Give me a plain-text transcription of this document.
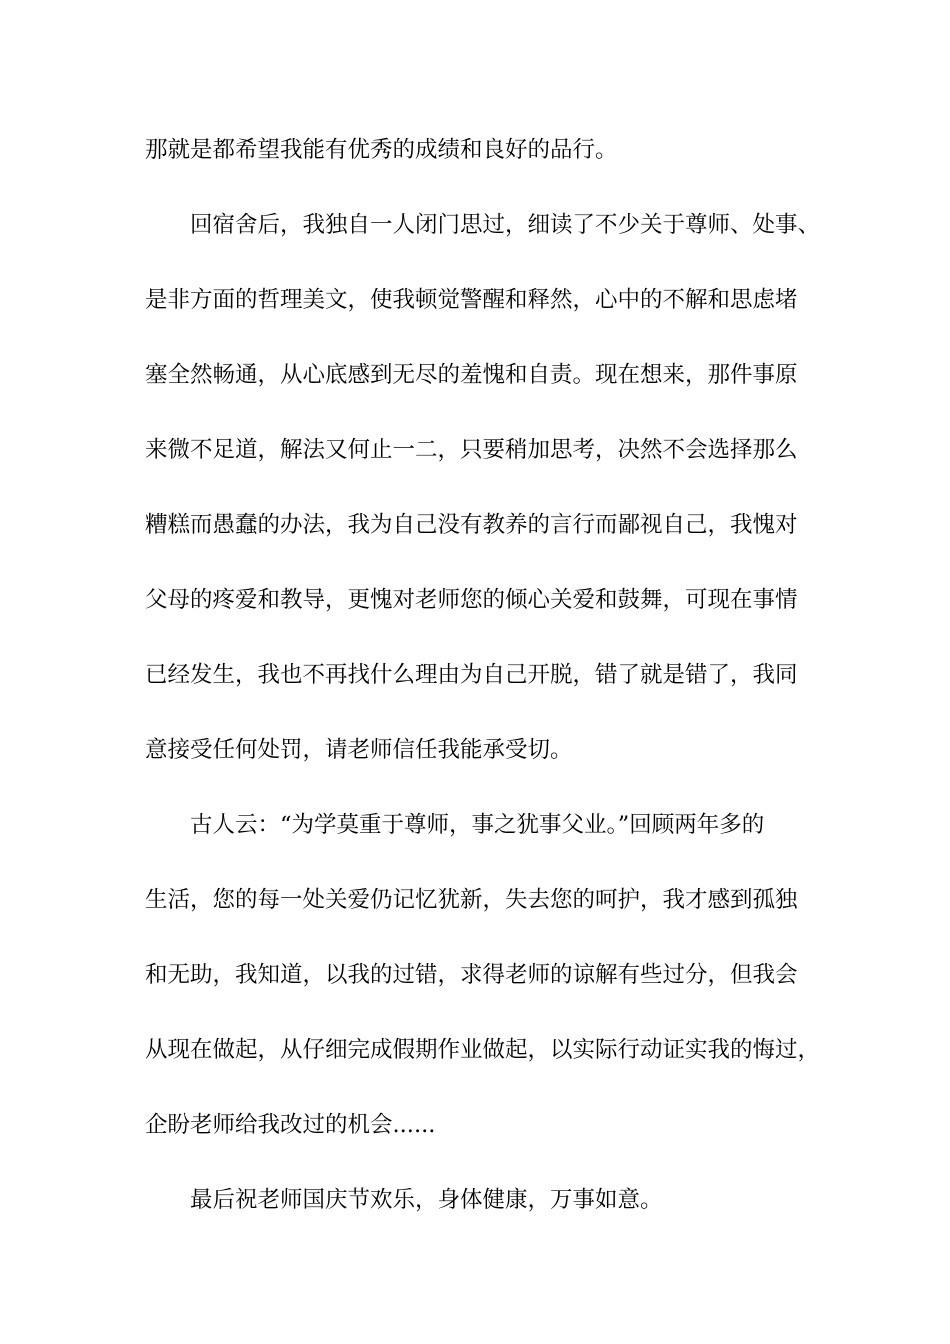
那就是都希望我能有优秀的成绩和良好的品行。
回宿舍后，我独自一人闭门思过，细读了不少关于尊师、处事、
是非方面的哲理美文，使我顿觉警醒和释然，心中的不解和思虑堵
塞全然畅通，从心底感到无尽的羞愧和自责。现在想来，那件事原
来微不足道，解法又何止一二，只要稍加思考，决然不会选择那么
糟糕而愚蠢的办法，我为自己没有教养的言行而鄙视自己，我愧对
父母的疼爱和教导，更愧对老师您的倾心关爱和鼓舞，可现在事情
已经发生，我也不再找什么理由为自己开脱，错了就是错了，我同
意接受任何处罚，请老师信任我能承受切。
古人云：“为学莫重于尊师，事之犹事父业。”回顾两年多的
生活，您的每一处关爱仍记忆犹新，失去您的呵护，我才感到孤独
和无助，我知道，以我的过错，求得老师的谅解有些过分，但我会
从现在做起，从仔细完成假期作业做起，以实际行动证实我的悔过，
企盼老师给我改过的机会......
最后祝老师国庆节欢乐，身体健康，万事如意。
